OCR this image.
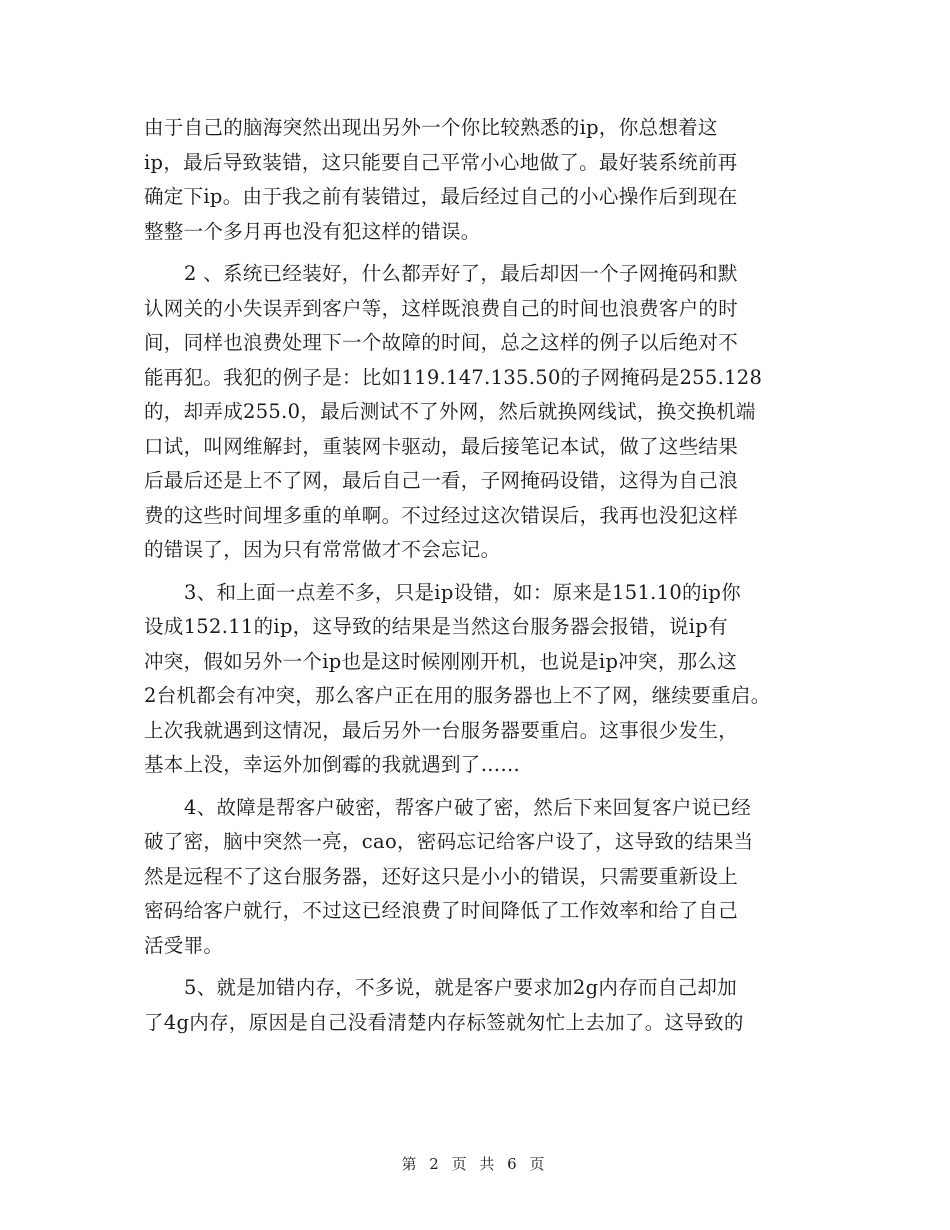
由于自己的脑海突然出现出另外一个你比较熟悉的ip，你总想着这
ip，最后导致装错，这只能要自己平常小心地做了。最好装系统前再
确定下ip。由于我之前有装错过，最后经过自己的小心操作后到现在
整整一个多月再也没有犯这样的错误。

2 、系统已经装好，什么都弄好了，最后却因一个子网掩码和默
认网关的小失误弄到客户等，这样既浪费自己的时间也浪费客户的时
间，同样也浪费处理下一个故障的时间，总之这样的例子以后绝对不
能再犯。我犯的例子是：比如119.147.135.50的子网掩码是255.128
的，却弄成255.0，最后测试不了外网，然后就换网线试，换交换机端
口试，叫网维解封，重装网卡驱动，最后接笔记本试，做了这些结果
后最后还是上不了网，最后自己一看，子网掩码设错，这得为自己浪
费的这些时间埋多重的单啊。不过经过这次错误后，我再也没犯这样
的错误了，因为只有常常做才不会忘记。

3、和上面一点差不多，只是ip设错，如：原来是151.10的ip你
设成152.11的ip，这导致的结果是当然这台服务器会报错，说ip有
冲突，假如另外一个ip也是这时候刚刚开机，也说是ip冲突，那么这
2台机都会有冲突，那么客户正在用的服务器也上不了网，继续要重启。
上次我就遇到这情况，最后另外一台服务器要重启。这事很少发生，
基本上没，幸运外加倒霉的我就遇到了……

4、故障是帮客户破密，帮客户破了密，然后下来回复客户说已经
破了密，脑中突然一亮，cao，密码忘记给客户设了，这导致的结果当
然是远程不了这台服务器，还好这只是小小的错误，只需要重新设上
密码给客户就行，不过这已经浪费了时间降低了工作效率和给了自己
活受罪。

5、就是加错内存，不多说，就是客户要求加2g内存而自己却加
了4g内存，原因是自己没看清楚内存标签就匆忙上去加了。这导致的

第 2 页 共 6 页
